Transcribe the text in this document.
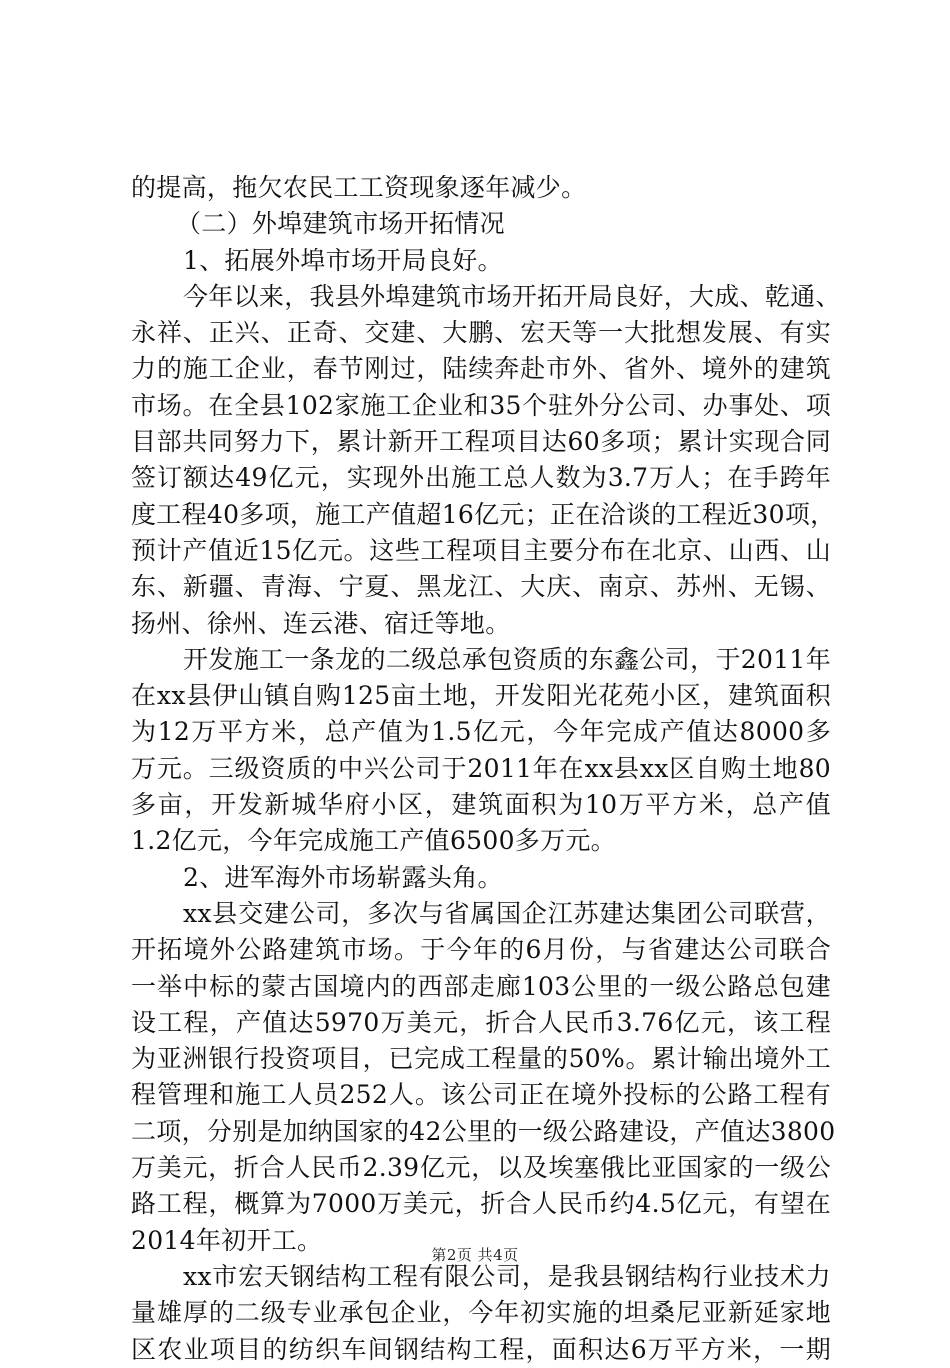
的提高，拖欠农民工工资现象逐年减少。
（二）外埠建筑市场开拓情况
1、拓展外埠市场开局良好。
今年以来，我县外埠建筑市场开拓开局良好，大成、乾通、
永祥、正兴、正奇、交建、大鹏、宏天等一大批想发展、有实
力的施工企业，春节刚过，陆续奔赴市外、省外、境外的建筑
市场。在全县102家施工企业和35个驻外分公司、办事处、项
目部共同努力下，累计新开工程项目达60多项；累计实现合同
签订额达49亿元，实现外出施工总人数为3.7万人；在手跨年
度工程40多项，施工产值超16亿元；正在洽谈的工程近30项，
预计产值近15亿元。这些工程项目主要分布在北京、山西、山
东、新疆、青海、宁夏、黑龙江、大庆、南京、苏州、无锡、
扬州、徐州、连云港、宿迁等地。
开发施工一条龙的二级总承包资质的东鑫公司，于2011年
在xx县伊山镇自购125亩土地，开发阳光花苑小区，建筑面积
为12万平方米，总产值为1.5亿元，今年完成产值达8000多
万元。三级资质的中兴公司于2011年在xx县xx区自购土地80
多亩，开发新城华府小区，建筑面积为10万平方米，总产值
1.2亿元，今年完成施工产值6500多万元。
2、进军海外市场崭露头角。
xx县交建公司，多次与省属国企江苏建达集团公司联营，
开拓境外公路建筑市场。于今年的6月份，与省建达公司联合
一举中标的蒙古国境内的西部走廊103公里的一级公路总包建
设工程，产值达5970万美元，折合人民币3.76亿元，该工程
为亚洲银行投资项目，已完成工程量的50%。累计输出境外工
程管理和施工人员252人。该公司正在境外投标的公路工程有
二项，分别是加纳国家的42公里的一级公路建设，产值达3800
万美元，折合人民币2.39亿元，以及埃塞俄比亚国家的一级公
路工程，概算为7000万美元，折合人民币约4.5亿元，有望在
2014年初开工。
xx市宏天钢结构工程有限公司，是我县钢结构行业技术力
量雄厚的二级专业承包企业，今年初实施的坦桑尼亚新延家地
区农业项目的纺织车间钢结构工程，面积达6万平方米，一期
第2页 共4页
